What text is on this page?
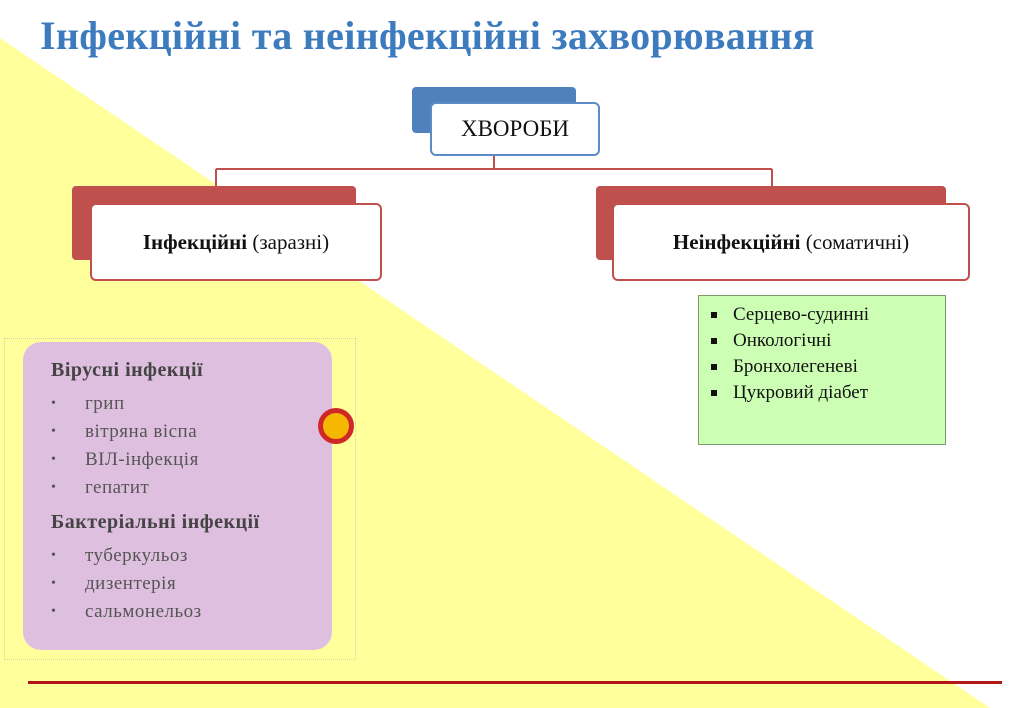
Інфекційні та неінфекційні захворювання
ХВОРОБИ
Інфекційні (заразні)	Неінфекційні (соматичні)
Серцево-судинні
Онкологічні
Бронхолегеневі
Цукровий діабет
Вірусні інфекції
•	грип
•	вітряна віспа
•	ВІЛ-інфекція
•	гепатит
Бактеріальні інфекції
•	туберкульоз
•	дизентерія
•	сальмонельоз
